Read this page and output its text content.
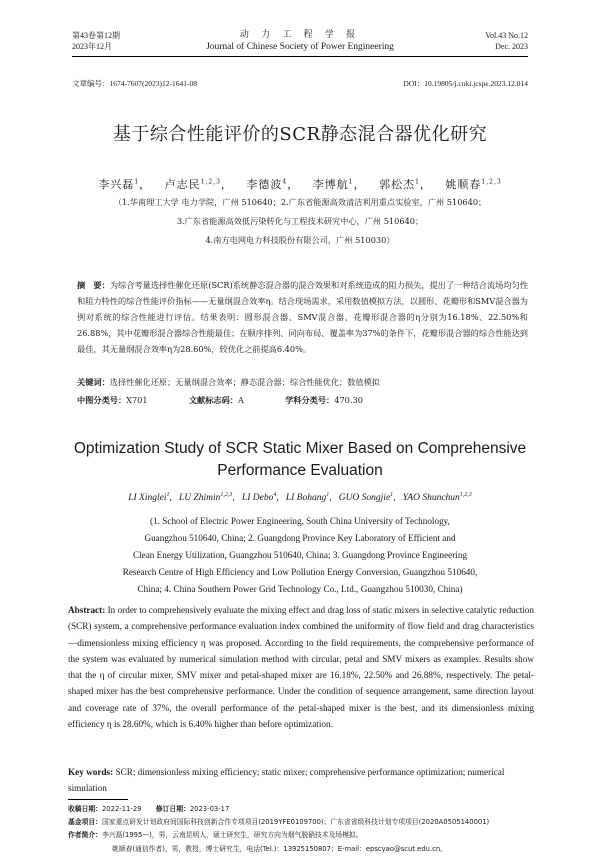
第43卷第12期
2023年12月
动 力 工 程 学 报
Journal of Chinese Society of Power Engineering
Vol.43 No.12
Dec. 2023
文章编号：1674-7607(2023)12-1641-08	DOI：10.19805/j.cnki.jcspe.2023.12.014
基于综合性能评价的SCR静态混合器优化研究
李兴磊$^1$，   卢志民$^{1,2,3}$，   李德波$^4$，   李博航$^1$，   郭松杰$^1$，   姚顺春$^{1,2,3}$
（1.华南理工大学 电力学院，广州 510640；2.广东省能源高效清洁利用重点实验室，广州 510640；
3.广东省能源高效低污染转化与工程技术研究中心，广州 510640；
4.南方电网电力科技股份有限公司，广州 510030）
摘　要：为综合考量选择性催化还原(SCR)系统静态混合器的混合效果和对系统造成的阻力损失，提出了一种结合流场均匀性和阻力特性的综合性能评价指标——无量纲混合效率η。结合现场需求，采用数值模拟方法，以圆形、花瓣形和SMV混合器为例对系统的综合性能进行评估。结果表明：圆形混合器、SMV混合器、花瓣形混合器的η分别为16.18%、22.50%和26.88%，其中花瓣形混合器综合性能最佳；在顺序排列、同向布局、覆盖率为37%的条件下，花瓣形混合器的综合性能达到最佳，其无量纲混合效率η为28.60%，较优化之前提高6.40%。
关键词：选择性催化还原；无量纲混合效率；静态混合器；综合性能优化；数值模拟
中图分类号：X701	文献标志码：A	学科分类号：470.30
Optimization Study of SCR Static Mixer Based on Comprehensive
Performance Evaluation
LI Xinglei$^1$,   LU Zhimin$^{1,2,3}$,   LI Debo$^4$,   LI Bohang$^1$,   GUO Songjie$^1$,   YAO Shunchun$^{1,2,3}$
(1. School of Electric Power Engineering, South China University of Technology,
Guangzhou 510640, China; 2. Guangdong Province Key Laboratory of Efficient and
Clean Energy Utilization, Guangzhou 510640, China; 3. Guangdong Province Engineering
Research Centre of High Efficiency and Low Pollution Energy Conversion, Guangzhou 510640,
China; 4. China Southern Power Grid Technology Co., Ltd., Guangzhou 510030, China)
Abstract: In order to comprehensively evaluate the mixing effect and drag loss of static mixers in selective catalytic reduction (SCR) system, a comprehensive performance evaluation index combined the uniformity of flow field and drag characteristics—dimensionless mixing efficiency η was proposed. According to the field requirements, the comprehensive performance of the system was evaluated by numerical simulation method with circular, petal and SMV mixers as examples. Results show that the η of circular mixer, SMV mixer and petal-shaped mixer are 16.18%, 22.50% and 26.88%, respectively. The petal-shaped mixer has the best comprehensive performance. Under the condition of sequence arrangement, same direction layout and coverage rate of 37%, the overall performance of the petal-shaped mixer is the best, and its dimensionless mixing efficiency η is 28.60%, which is 6.40% higher than before optimization.
Key words: SCR; dimensionless mixing efficiency; static mixer; comprehensive performance optimization; numerical simulation
收稿日期：2022-11-29 修订日期：2023-03-17
基金项目：国家重点研发计划政府间国际科技创新合作专项项目(2019YFE0109700)；广东省省级科技计划专项项目(2020A0505140001)
作者简介：李兴磊(1995—)，男，云南昆明人，硕士研究生，研究方向为烟气脱硝技术及场模拟。
姚顺春(通信作者)，男，教授，博士研究生，电话(Tel.)：13925150807；E-mail：epscyao@scut.edu.cn。
